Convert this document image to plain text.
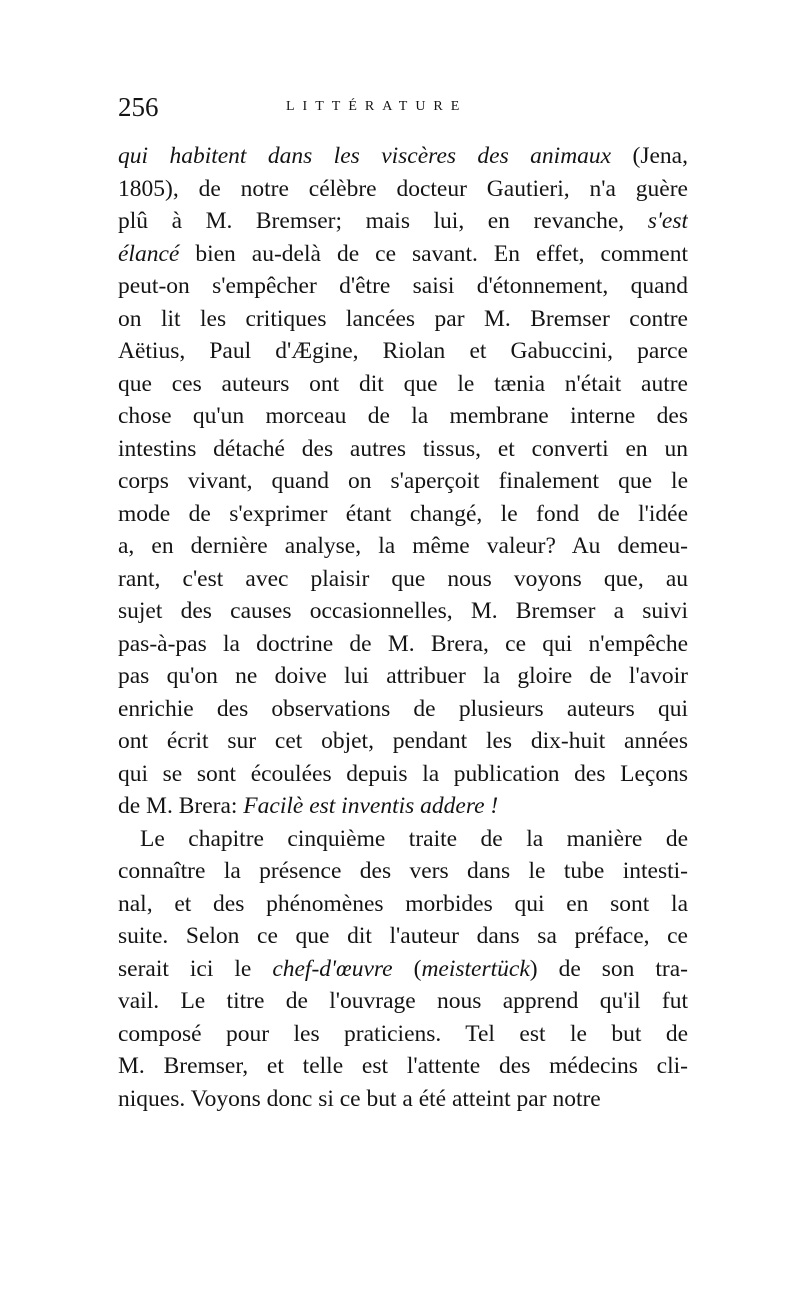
256	LITTÉRATURE
qui habitent dans les viscères des animaux (Jena,
1805), de notre célèbre docteur Gautieri, n'a guère
plû à M. Bremser; mais lui, en revanche, s'est
élancé bien au-delà de ce savant. En effet, comment
peut-on s'empêcher d'être saisi d'étonnement, quand
on lit les critiques lancées par M. Bremser contre
Aëtius, Paul d'Ægine, Riolan et Gabuccini, parce
que ces auteurs ont dit que le tænia n'était autre
chose qu'un morceau de la membrane interne des
intestins détaché des autres tissus, et converti en un
corps vivant, quand on s'aperçoit finalement que le
mode de s'exprimer étant changé, le fond de l'idée
a, en dernière analyse, la même valeur? Au demeu-
rant, c'est avec plaisir que nous voyons que, au
sujet des causes occasionnelles, M. Bremser a suivi
pas-à-pas la doctrine de M. Brera, ce qui n'empêche
pas qu'on ne doive lui attribuer la gloire de l'avoir
enrichie des observations de plusieurs auteurs qui
ont écrit sur cet objet, pendant les dix-huit années
qui se sont écoulées depuis la publication des Leçons
de M. Brera: Facilè est inventis addere !
Le chapitre cinquième traite de la manière de
connaître la présence des vers dans le tube intesti-
nal, et des phénomènes morbides qui en sont la
suite. Selon ce que dit l'auteur dans sa préface, ce
serait ici le chef-d'œuvre (meistertück) de son tra-
vail. Le titre de l'ouvrage nous apprend qu'il fut
composé pour les praticiens. Tel est le but de
M. Bremser, et telle est l'attente des médecins cli-
niques. Voyons donc si ce but a été atteint par notre
